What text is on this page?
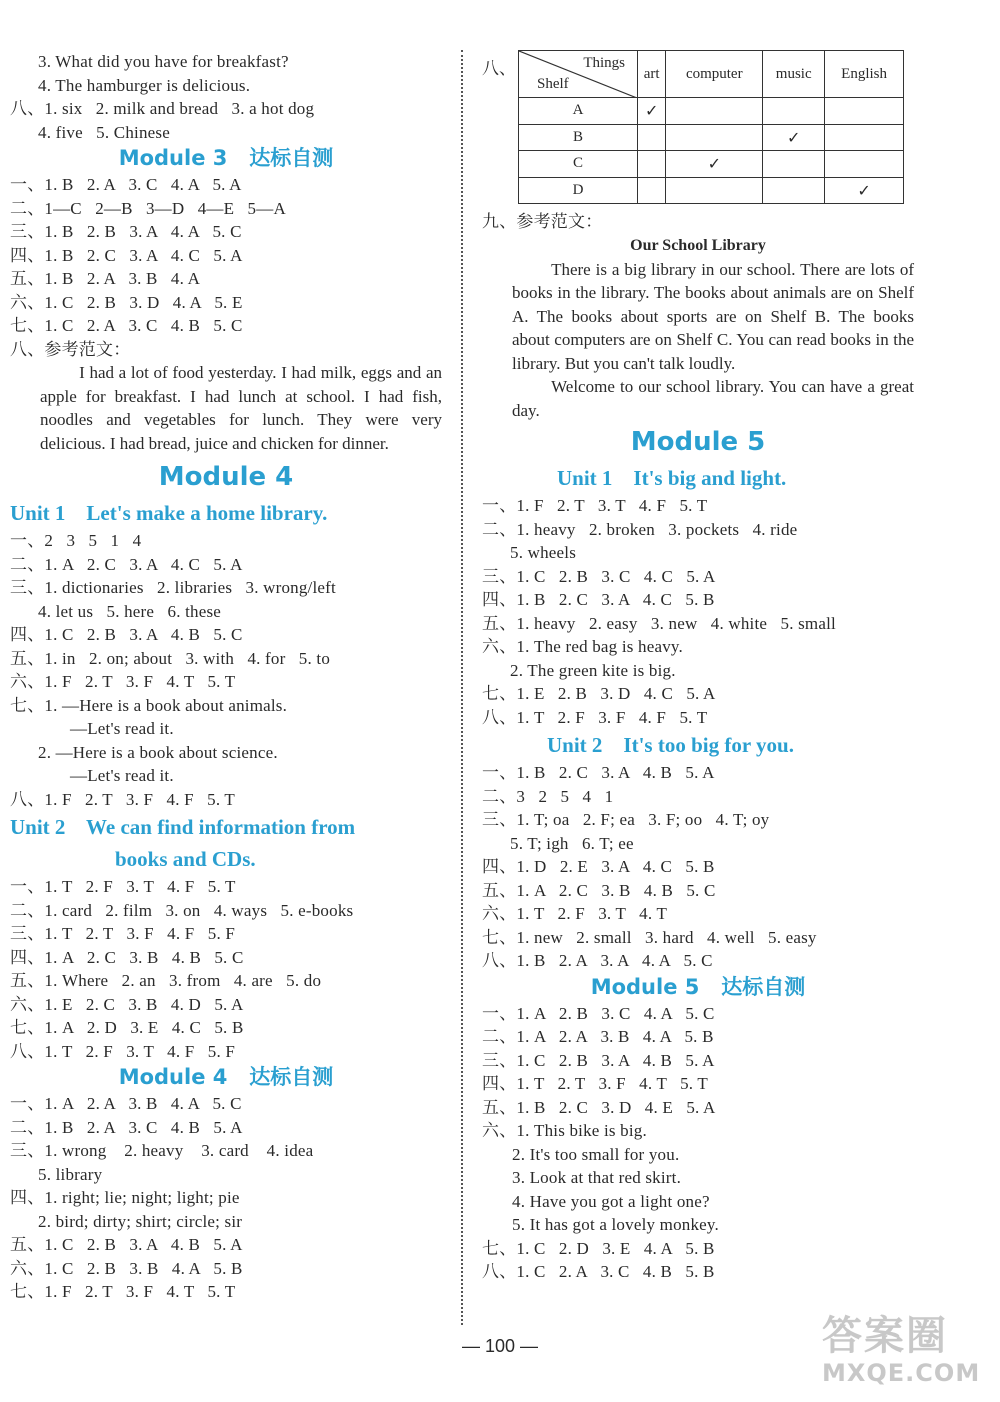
3. What did you have for breakfast?
4. The hamburger is delicious.
八、1. six   2. milk and bread   3. a hot dog
4. five   5. Chinese
Module 3   达标自测
一、1. B   2. A   3. C   4. A   5. A
二、1—C   2—B   3—D   4—E   5—A
三、1. B   2. B   3. A   4. A   5. C
四、1. B   2. C   3. A   4. C   5. A
五、1. B   2. A   3. B   4. A
六、1. C   2. B   3. D   4. A   5. E
七、1. C   2. A   3. C   4. B   5. C
八、参考范文：

I had a lot of food yesterday. I had milk, eggs and an apple for breakfast. I had lunch at school. I had fish, noodles and vegetables for lunch. They were very delicious. I had bread, juice and chicken for dinner.

Module 4
Unit 1    Let's make a home library.
一、2   3   5   1   4
二、1. A   2. C   3. A   4. C   5. A
三、1. dictionaries   2. libraries   3. wrong/left
4. let us   5. here   6. these
四、1. C   2. B   3. A   4. B   5. C
五、1. in   2. on; about   3. with   4. for   5. to
六、1. F   2. T   3. F   4. T   5. T
七、1. —Here is a book about animals.
—Let's read it.
2. —Here is a book about science.
—Let's read it.
八、1. F   2. T   3. F   4. F   5. T
Unit 2    We can find information from
books and CDs.
一、1. T   2. F   3. T   4. F   5. T
二、1. card   2. film   3. on   4. ways   5. e-books
三、1. T   2. T   3. F   4. F   5. F
四、1. A   2. C   3. B   4. B   5. C
五、1. Where   2. an   3. from   4. are   5. do
六、1. E   2. C   3. B   4. D   5. A
七、1. A   2. D   3. E   4. C   5. B
八、1. T   2. F   3. T   4. F   5. F
Module 4   达标自测
一、1. A   2. A   3. B   4. A   5. C
二、1. B   2. A   3. C   4. B   5. A
三、1. wrong    2. heavy    3. card    4. idea
5. library
四、1. right; lie; night; light; pie
2. bird; dirty; shirt; circle; sir
五、1. C   2. B   3. A   4. B   5. A
六、1. C   2. B   3. B   4. A   5. B
七、1. F   2. T   3. F   4. T   5. T
八、	Things
Shelf	art	computer	music	English
A	✓			
B			✓	
C		✓		
D				✓
九、参考范文：
Our School Library

There is a big library in our school. There are lots of books in the library. The books about animals are on Shelf A. The books about sports are on Shelf B. The books about computers are on Shelf C. You can read books in the library. But you can't talk loudly.

Welcome to our school library. You can have a great day.

Module 5
Unit 1    It's big and light.
一、1. F   2. T   3. T   4. F   5. T
二、1. heavy   2. broken   3. pockets   4. ride
5. wheels
三、1. C   2. B   3. C   4. C   5. A
四、1. B   2. C   3. A   4. C   5. B
五、1. heavy   2. easy   3. new   4. white   5. small
六、1. The red bag is heavy.
2. The green kite is big.
七、1. E   2. B   3. D   4. C   5. A
八、1. T   2. F   3. F   4. F   5. T
Unit 2    It's too big for you.
一、1. B   2. C   3. A   4. B   5. A
二、3   2   5   4   1
三、1. T; oa   2. F; ea   3. F; oo   4. T; oy
5. T; igh   6. T; ee
四、1. D   2. E   3. A   4. C   5. B
五、1. A   2. C   3. B   4. B   5. C
六、1. T   2. F   3. T   4. T
七、1. new   2. small   3. hard   4. well   5. easy
八、1. B   2. A   3. A   4. A   5. C
Module 5   达标自测
一、1. A   2. B   3. C   4. A   5. C
二、1. A   2. A   3. B   4. A   5. B
三、1. C   2. B   3. A   4. B   5. A
四、1. T   2. T   3. F   4. T   5. T
五、1. B   2. C   3. D   4. E   5. A
六、1. This bike is big.
2. It's too small for you.
3. Look at that red skirt.
4. Have you got a light one?
5. It has got a lovely monkey.
七、1. C   2. D   3. E   4. A   5. B
八、1. C   2. A   3. C   4. B   5. B
— 100 —	答案圈
MXQE.COM
